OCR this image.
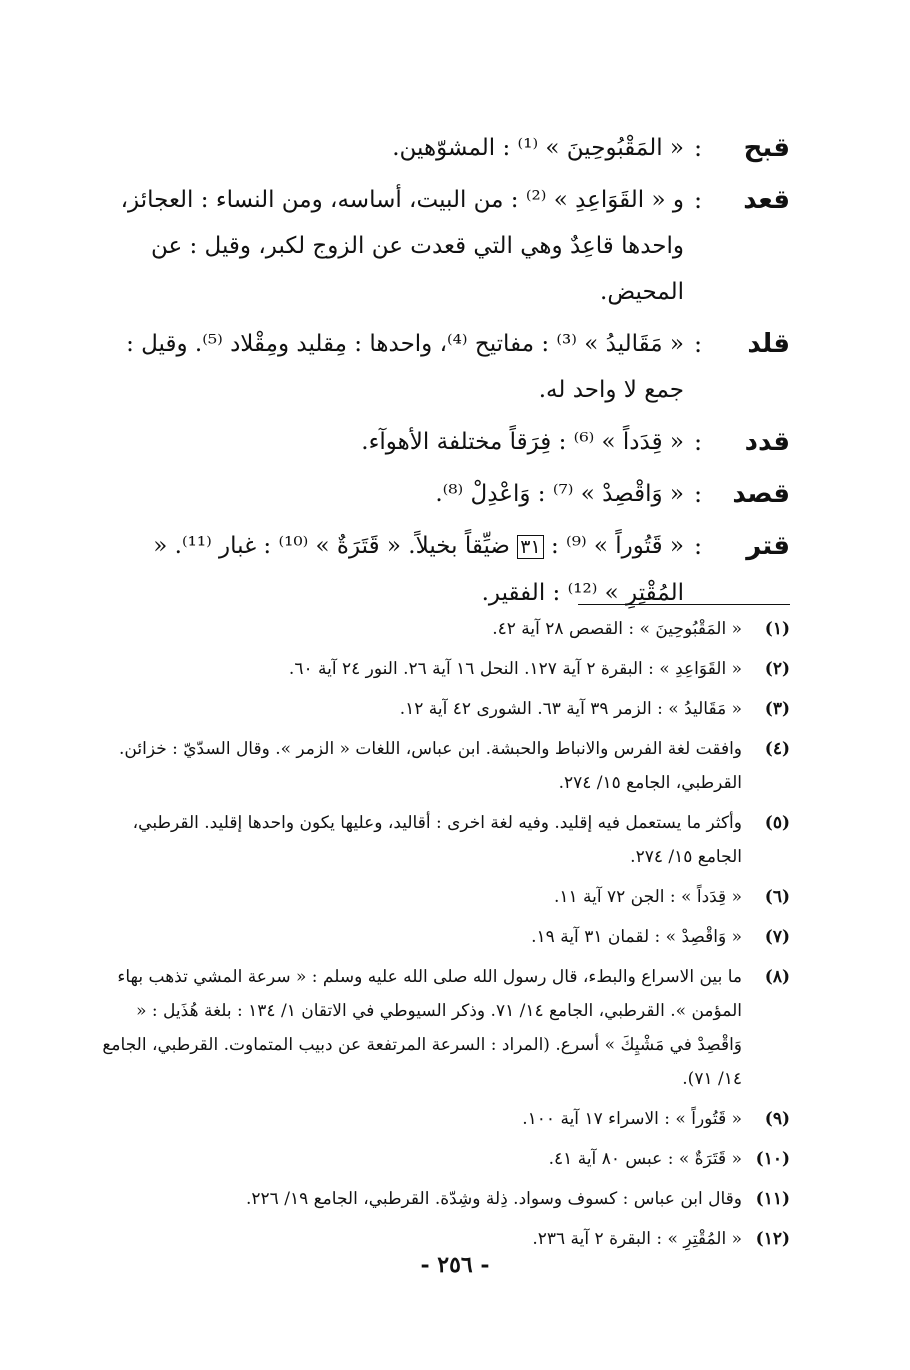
قبح
:
« المَقْبُوحِينَ » ⁽¹⁾ : المشوّهين.
قعد
:
و « القَوَاعِدِ » ⁽²⁾ : من البيت، أساسه، ومن النساء : العجائز، واحدها قاعِدٌ وهي التي قعدت عن الزوج لكبر، وقيل : عن المحيض.
قلد
:
« مَقَاليدُ » ⁽³⁾ : مفاتيح ⁽⁴⁾، واحدها : مِقليد ومِقْلاد ⁽⁵⁾. وقيل : جمع لا واحد له.
قدد
:
« قِدَداً » ⁽⁶⁾ : فِرَقاً مختلفة الأهوآء.
قصد
:
« وَاقْصِدْ » ⁽⁷⁾ : وَاعْدِلْ ⁽⁸⁾.
قتر
:
« قَتُوراً » ⁽⁹⁾ : ٣١ ضيِّقاً بخيلاً. « قَتَرَةٌ » ⁽¹⁰⁾ : غبار ⁽¹¹⁾. « المُقْتِرِ » ⁽¹²⁾ : الفقير.
(١)
« المَقْبُوحِينَ » : القصص ٢٨ آية ٤٢.
(٢)
« القَوَاعِدِ » : البقرة ٢ آية ١٢٧. النحل ١٦ آية ٢٦. النور ٢٤ آية ٦٠.
(٣)
« مَقَاليدُ » : الزمر ٣٩ آية ٦٣. الشورى ٤٢ آية ١٢.
(٤)
وافقت لغة الفرس والانباط والحبشة. ابن عباس، اللغات « الزمر ». وقال السدّيّ : خزائن. القرطبي، الجامع ١٥/ ٢٧٤.
(٥)
وأكثر ما يستعمل فيه إقليد. وفيه لغة اخرى : أقاليد، وعليها يكون واحدها إقليد. القرطبي، الجامع ١٥/ ٢٧٤.
(٦)
« قِدَداً » : الجن ٧٢ آية ١١.
(٧)
« وَاقْصِدْ » : لقمان ٣١ آية ١٩.
(٨)
ما بين الاسراع والبطء، قال رسول الله صلى الله عليه وسلم : « سرعة المشي تذهب بهاء المؤمن ». القرطبي، الجامع ١٤/ ٧١. وذكر السيوطي في الاتقان ١/ ١٣٤ : بلغة هُذَيل : « وَاقْصِدْ في مَشْيِكَ » أسرع. (المراد : السرعة المرتفعة عن دبيب المتماوت. القرطبي، الجامع ١٤/ ٧١).
(٩)
« قَتُوراً » : الاسراء ١٧ آية ١٠٠.
(١٠)
« قَتَرَةٌ » : عبس ٨٠ آية ٤١.
(١١)
وقال ابن عباس : كسوف وسواد. ذِلة وشِدّة. القرطبي، الجامع ١٩/ ٢٢٦.
(١٢)
« المُقْتِرِ » : البقرة ٢ آية ٢٣٦.
- ٢٥٦ -
